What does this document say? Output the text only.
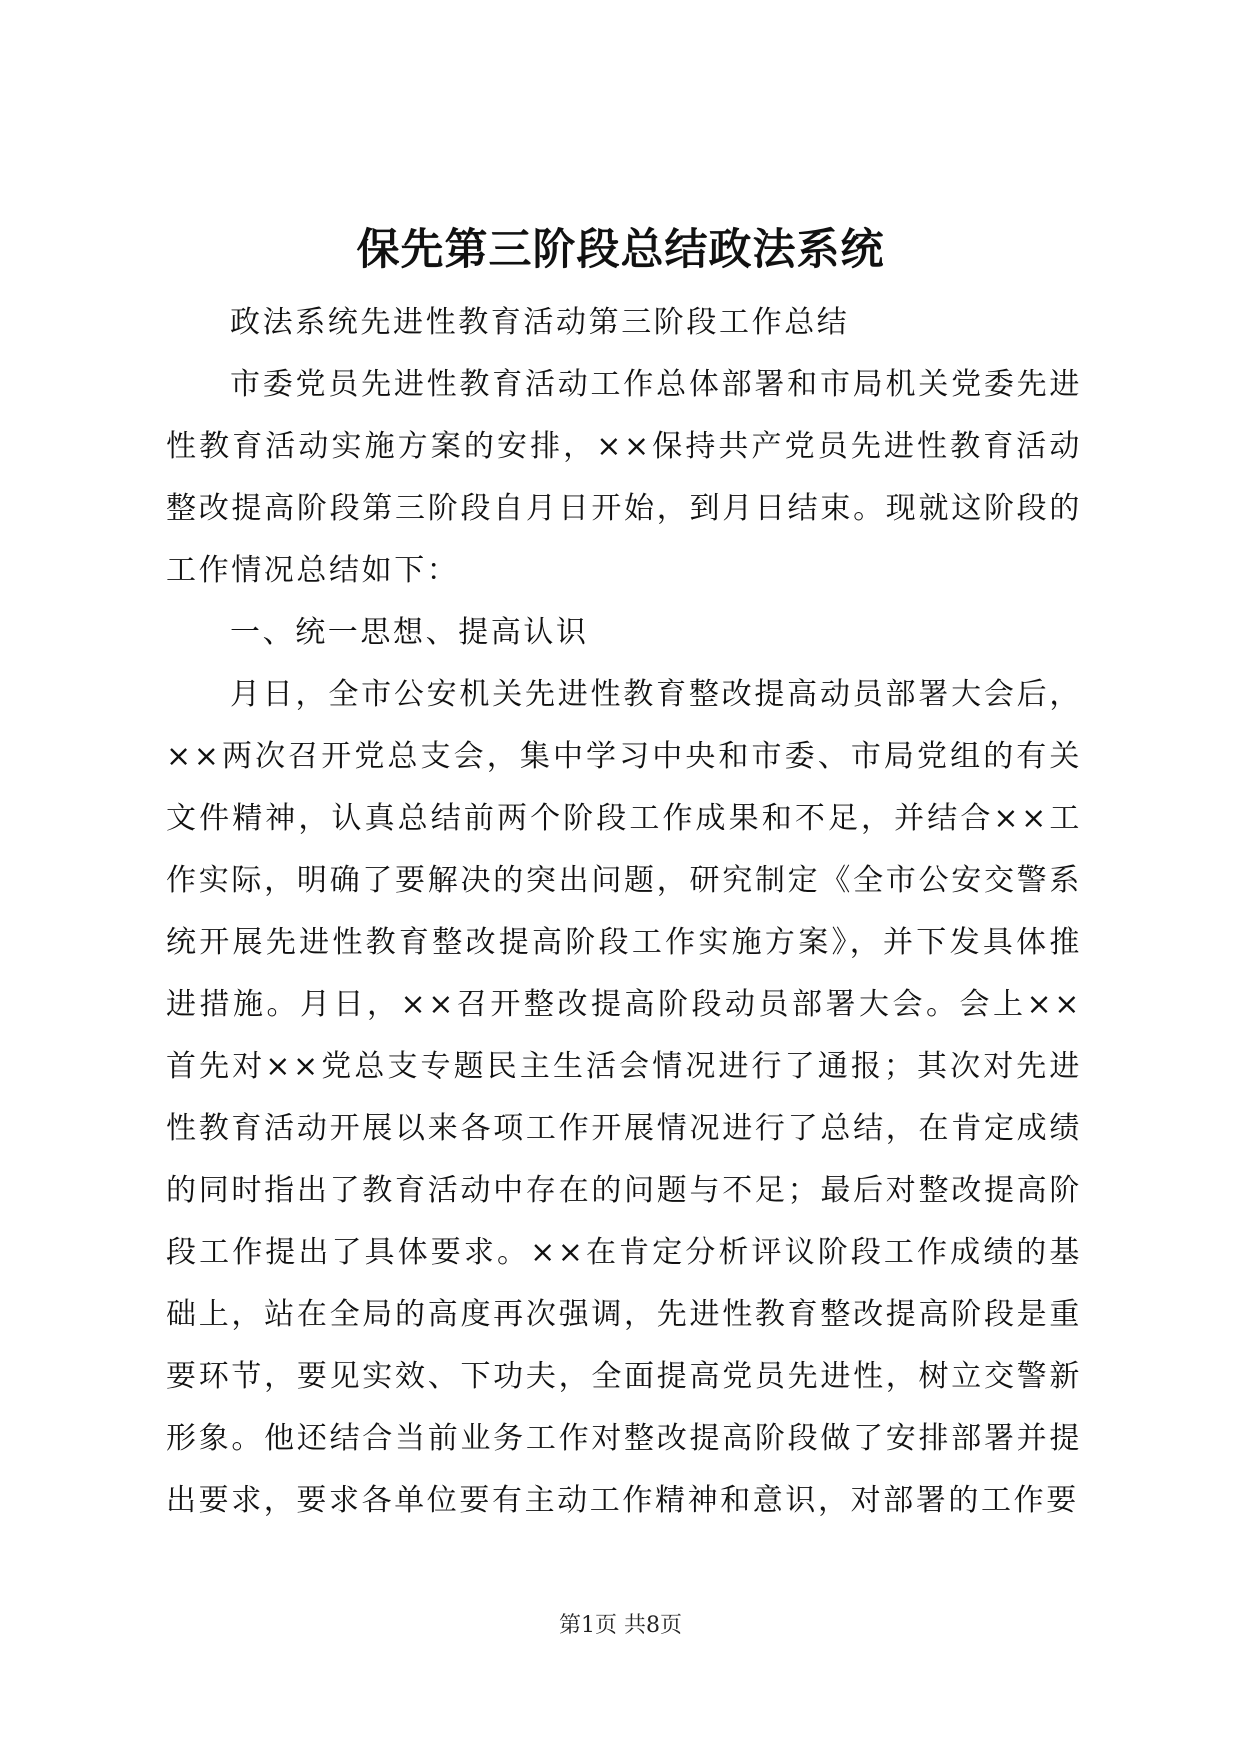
保先第三阶段总结政法系统

政法系统先进性教育活动第三阶段工作总结

市委党员先进性教育活动工作总体部署和市局机关党委先进性教育活动实施方案的安排，××保持共产党员先进性教育活动整改提高阶段第三阶段自月日开始，到月日结束。现就这阶段的工作情况总结如下：

一、统一思想、提高认识

月日，全市公安机关先进性教育整改提高动员部署大会后，××两次召开党总支会，集中学习中央和市委、市局党组的有关文件精神，认真总结前两个阶段工作成果和不足，并结合××工作实际，明确了要解决的突出问题，研究制定《全市公安交警系统开展先进性教育整改提高阶段工作实施方案》，并下发具体推进措施。月日，××召开整改提高阶段动员部署大会。会上××首先对××党总支专题民主生活会情况进行了通报；其次对先进性教育活动开展以来各项工作开展情况进行了总结，在肯定成绩的同时指出了教育活动中存在的问题与不足；最后对整改提高阶段工作提出了具体要求。××在肯定分析评议阶段工作成绩的基础上，站在全局的高度再次强调，先进性教育整改提高阶段是重要环节，要见实效、下功夫，全面提高党员先进性，树立交警新形象。他还结合当前业务工作对整改提高阶段做了安排部署并提出要求，要求各单位要有主动工作精神和意识，对部署的工作要

第1页 共8页
